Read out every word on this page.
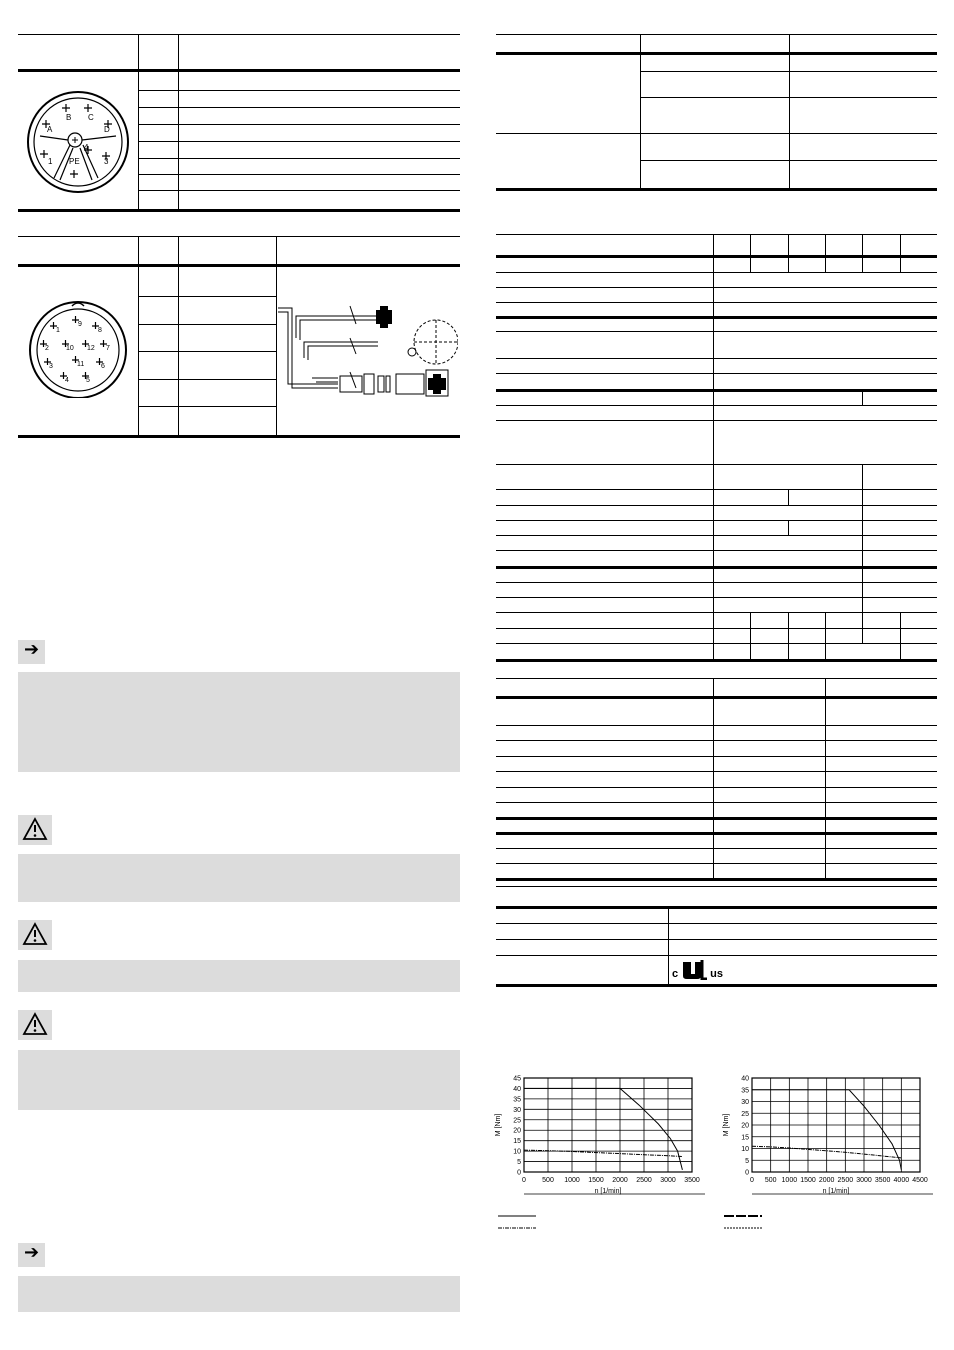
A
B C
D
1
4
PE	3
1
9
8
2 10 12 7
3	11 6
4 5
➔
➔
c	us
0 500 1000 1500 2000 2500 3000 3500
0
5
10
15
20
25
30
35
40
45
n [1/min]
M [Nm]
0 500 1000 1500 2000 2500 3000 3500 4000 4500
0
5
10
15
20
25
30
35
40
n [1/min]
M [Nm]
